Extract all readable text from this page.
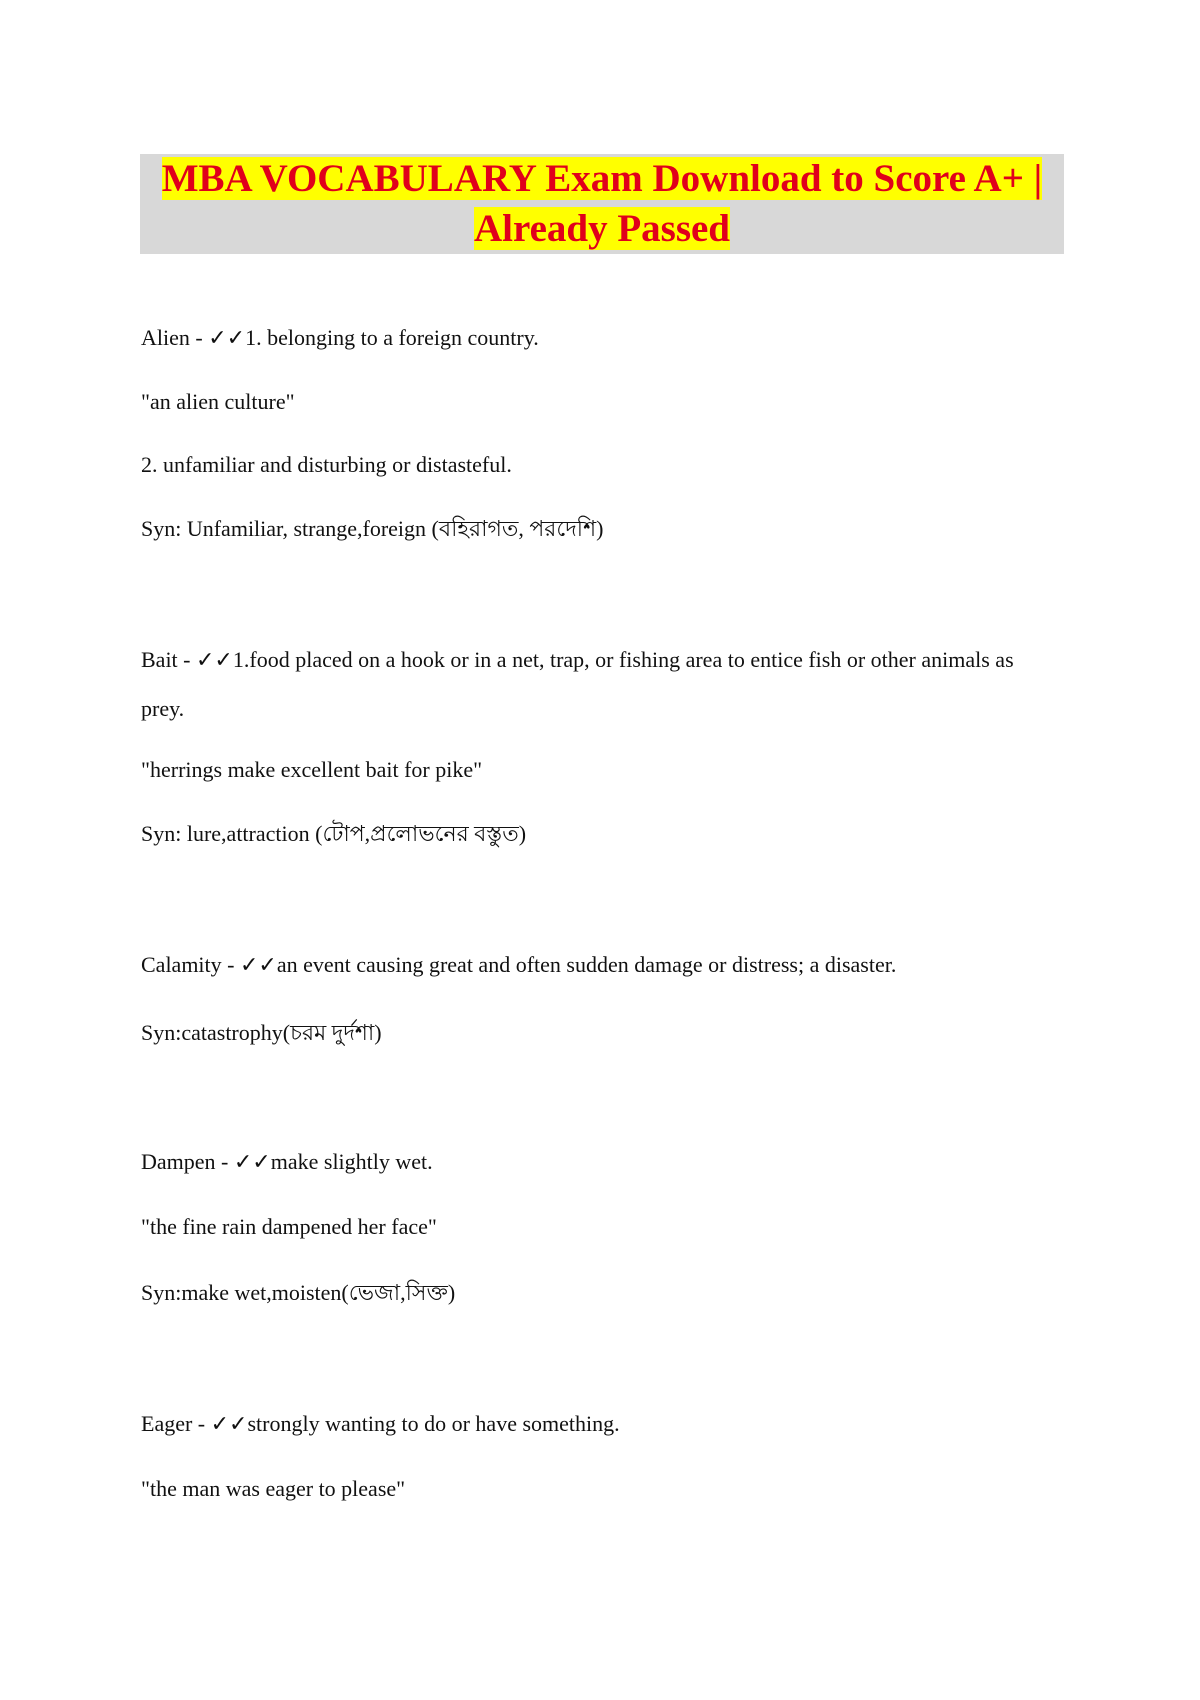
MBA VOCABULARY Exam Download to Score A+ |
Already Passed
Alien - ✓✓1. belonging to a foreign country.
"an alien culture"
2. unfamiliar and disturbing or distasteful.
Syn: Unfamiliar, strange,foreign (বহিরাগত, পরদেশি)
Bait - ✓✓1.food placed on a hook or in a net, trap, or fishing area to entice fish or other animals as prey.
"herrings make excellent bait for pike"
Syn: lure,attraction (টোপ,প্রলোভনের বস্তুত)
Calamity - ✓✓an event causing great and often sudden damage or distress; a disaster.
Syn:catastrophy(চরম দুর্দশা)
Dampen - ✓✓make slightly wet.
"the fine rain dampened her face"
Syn:make wet,moisten(ভেজা,সিক্ত)
Eager - ✓✓strongly wanting to do or have something.
"the man was eager to please"
